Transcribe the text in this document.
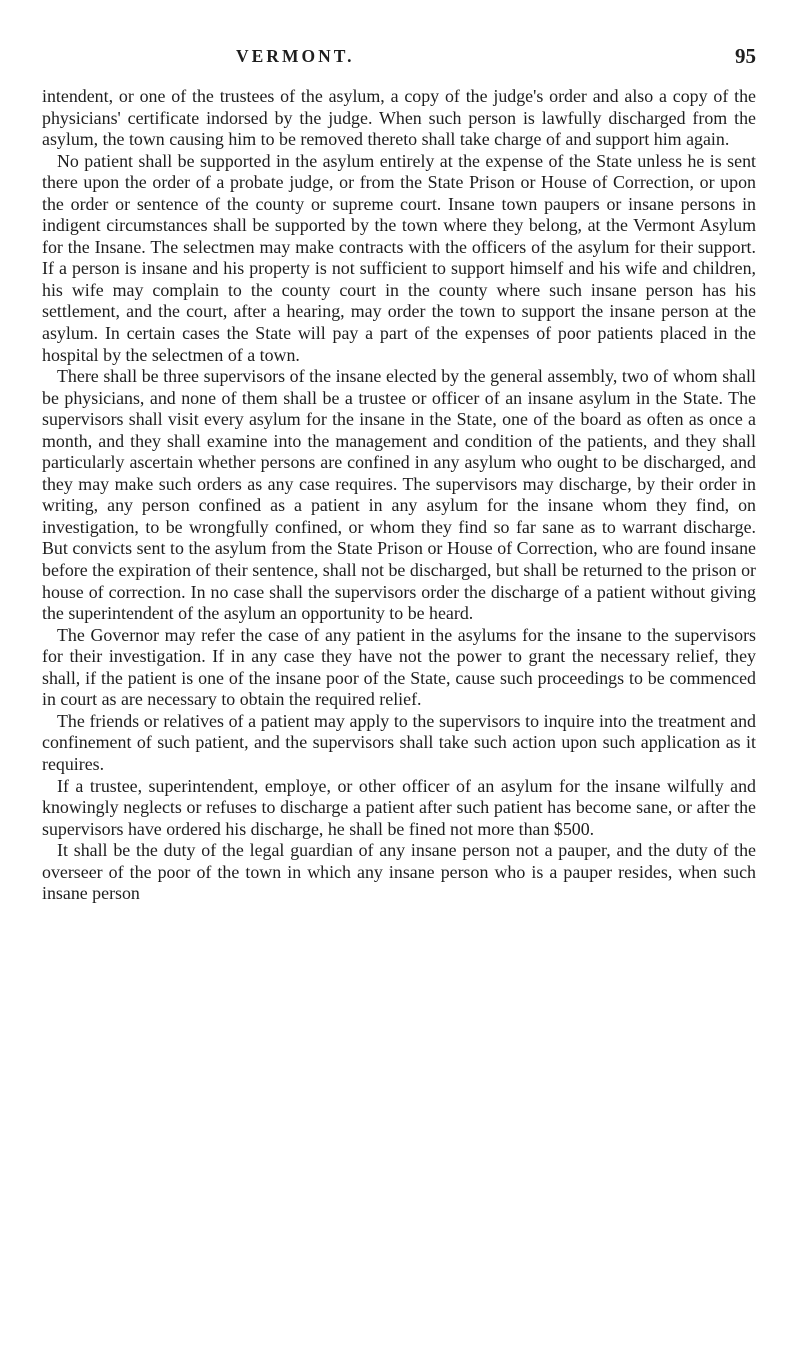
VERMONT.	95

intendent, or one of the trustees of the asylum, a copy of the judge's order and also a copy of the physicians' certificate indorsed by the judge. When such person is lawfully discharged from the asylum, the town causing him to be removed thereto shall take charge of and support him again.

No patient shall be supported in the asylum entirely at the expense of the State unless he is sent there upon the order of a probate judge, or from the State Prison or House of Correction, or upon the order or sentence of the county or supreme court. Insane town paupers or insane persons in indigent circumstances shall be supported by the town where they belong, at the Vermont Asylum for the Insane. The selectmen may make contracts with the officers of the asylum for their support. If a person is insane and his property is not sufficient to support himself and his wife and children, his wife may complain to the county court in the county where such insane person has his settlement, and the court, after a hearing, may order the town to support the insane person at the asylum. In certain cases the State will pay a part of the expenses of poor patients placed in the hospital by the selectmen of a town.

There shall be three supervisors of the insane elected by the general assembly, two of whom shall be physicians, and none of them shall be a trustee or officer of an insane asylum in the State. The supervisors shall visit every asylum for the insane in the State, one of the board as often as once a month, and they shall examine into the management and condition of the patients, and they shall particularly ascertain whether persons are confined in any asylum who ought to be discharged, and they may make such orders as any case requires. The supervisors may discharge, by their order in writing, any person confined as a patient in any asylum for the insane whom they find, on investigation, to be wrongfully confined, or whom they find so far sane as to warrant discharge. But convicts sent to the asylum from the State Prison or House of Correction, who are found insane before the expiration of their sentence, shall not be discharged, but shall be returned to the prison or house of correction. In no case shall the supervisors order the discharge of a patient without giving the superintendent of the asylum an opportunity to be heard.

The Governor may refer the case of any patient in the asylums for the insane to the supervisors for their investigation. If in any case they have not the power to grant the necessary relief, they shall, if the patient is one of the insane poor of the State, cause such proceedings to be commenced in court as are necessary to obtain the required relief.

The friends or relatives of a patient may apply to the supervisors to inquire into the treatment and confinement of such patient, and the supervisors shall take such action upon such application as it requires.

If a trustee, superintendent, employe, or other officer of an asylum for the insane wilfully and knowingly neglects or refuses to discharge a patient after such patient has become sane, or after the supervisors have ordered his discharge, he shall be fined not more than $500.

It shall be the duty of the legal guardian of any insane person not a pauper, and the duty of the overseer of the poor of the town in which any insane person who is a pauper resides, when such insane person
